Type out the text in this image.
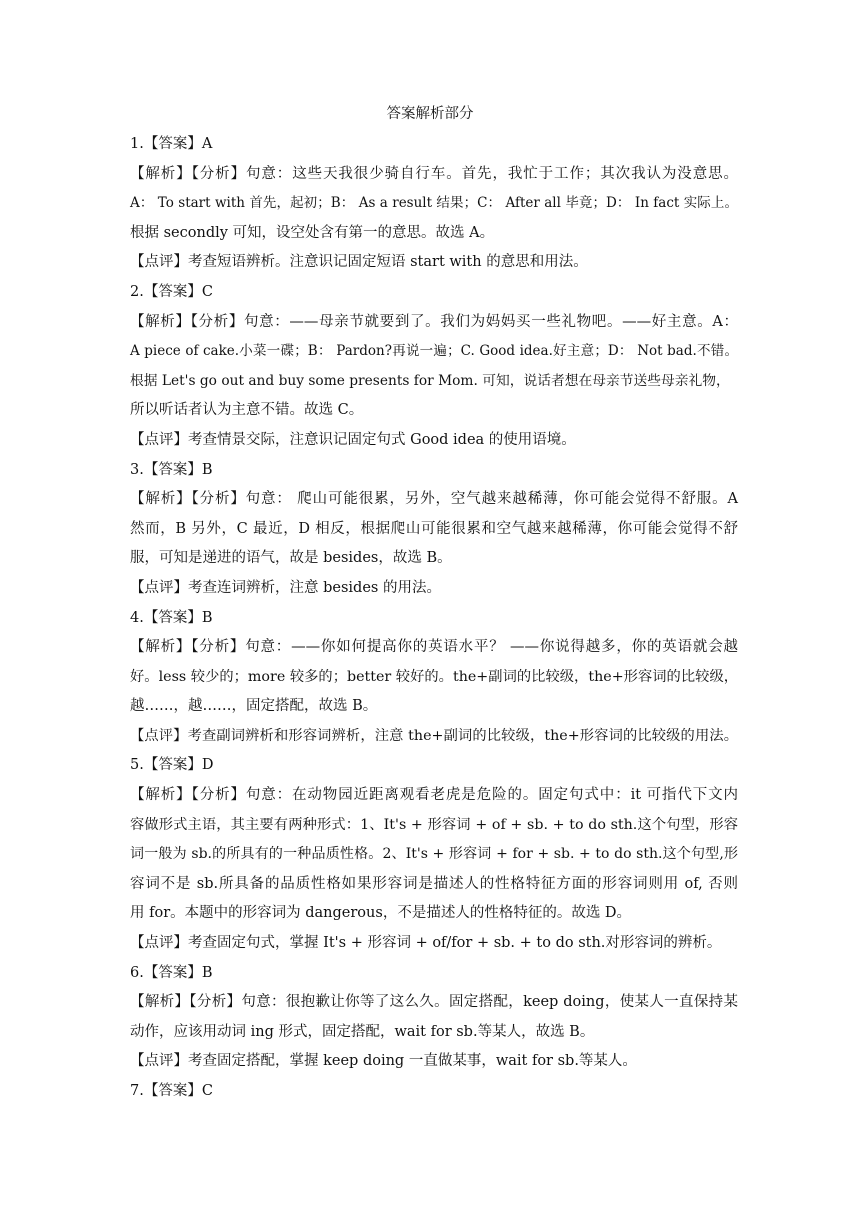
答案解析部分
1.【答案】A
【解析】【分析】句意：这些天我很少骑自行车。首先，我忙于工作；其次我认为没意思。
A： To start with 首先，起初；B： As a result 结果；C： After all 毕竟；D： In fact 实际上。
根据 secondly 可知，设空处含有第一的意思。故选 A。
【点评】考查短语辨析。注意识记固定短语 start with 的意思和用法。
2.【答案】C
【解析】【分析】句意：——母亲节就要到了。我们为妈妈买一些礼物吧。——好主意。A：
A piece of cake.小菜一碟；B： Pardon?再说一遍；C. Good idea.好主意；D： Not bad.不错。
根据 Let's go out and buy some presents for Mom. 可知，说话者想在母亲节送些母亲礼物，
所以听话者认为主意不错。故选 C。
【点评】考查情景交际，注意识记固定句式 Good idea 的使用语境。
3.【答案】B
【解析】【分析】句意： 爬山可能很累，另外，空气越来越稀薄，你可能会觉得不舒服。A
然而，B 另外，C 最近，D 相反，根据爬山可能很累和空气越来越稀薄，你可能会觉得不舒
服，可知是递进的语气，故是 besides，故选 B。
【点评】考查连词辨析，注意 besides 的用法。
4.【答案】B
【解析】【分析】句意：——你如何提高你的英语水平？ ——你说得越多，你的英语就会越
好。less 较少的；more 较多的；better 较好的。the+副词的比较级，the+形容词的比较级，
越……，越……，固定搭配，故选 B。
【点评】考查副词辨析和形容词辨析，注意 the+副词的比较级，the+形容词的比较级的用法。
5.【答案】D
【解析】【分析】句意：在动物园近距离观看老虎是危险的。固定句式中：it 可指代下文内
容做形式主语，其主要有两种形式：1、It's + 形容词 + of + sb. + to do sth.这个句型，形容
词一般为 sb.的所具有的一种品质性格。2、It's + 形容词 + for + sb. + to do sth.这个句型,形
容词不是 sb.所具备的品质性格如果形容词是描述人的性格特征方面的形容词则用 of, 否则
用 for。本题中的形容词为 dangerous，不是描述人的性格特征的。故选 D。
【点评】考查固定句式，掌握 It's + 形容词 + of/for + sb. + to do sth.对形容词的辨析。
6.【答案】B
【解析】【分析】句意：很抱歉让你等了这么久。固定搭配，keep doing，使某人一直保持某
动作，应该用动词 ing 形式，固定搭配，wait for sb.等某人，故选 B。
【点评】考查固定搭配，掌握 keep doing 一直做某事，wait for sb.等某人。
7.【答案】C
